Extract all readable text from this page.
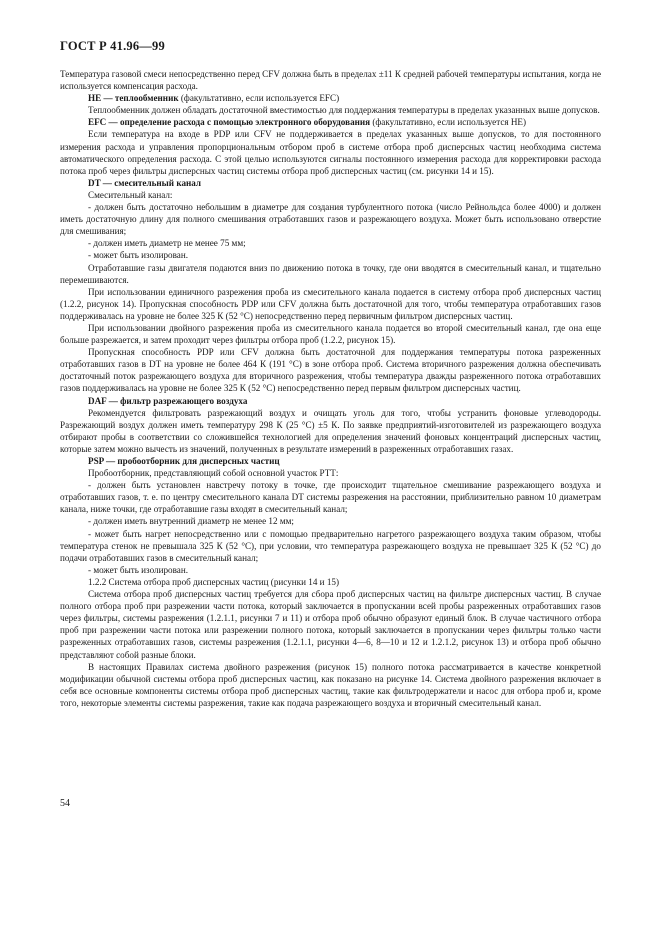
ГОСТ Р 41.96—99

Температура газовой смеси непосредственно перед CFV должна быть в пределах ±11 К средней рабочей температуры испытания, когда не используется компенсация расхода.

НЕ — теплообменник (факультативно, если используется EFC)

Теплообменник должен обладать достаточной вместимостью для поддержания температуры в пределах указанных выше допусков.

EFC — определение расхода с помощью электронного оборудования (факультативно, если используется НЕ)

Если температура на входе в PDP или CFV не поддерживается в пределах указанных выше допусков, то для постоянного измерения расхода и управления пропорциональным отбором проб в системе отбора проб дисперсных частиц необходима система автоматического определения расхода. С этой целью используются сигналы постоянного измерения расхода для корректировки расхода потока проб через фильтры дисперсных частиц системы отбора проб дисперсных частиц (см. рисунки 14 и 15).

DT — смесительный канал

Смесительный канал:

- должен быть достаточно небольшим в диаметре для создания турбулентного потока (число Рейнольдса более 4000) и должен иметь достаточную длину для полного смешивания отработавших газов и разрежающего воздуха. Может быть использовано отверстие для смешивания;

- должен иметь диаметр не менее 75 мм;

- может быть изолирован.

Отработавшие газы двигателя подаются вниз по движению потока в точку, где они вводятся в смесительный канал, и тщательно перемешиваются.

При использовании единичного разрежения проба из смесительного канала подается в систему отбора проб дисперсных частиц (1.2.2, рисунок 14). Пропускная способность PDP или CFV должна быть достаточной для того, чтобы температура отработавших газов поддерживалась на уровне не более 325 К (52 °С) непосредственно перед первичным фильтром дисперсных частиц.

При использовании двойного разрежения проба из смесительного канала подается во второй смесительный канал, где она еще больше разрежается, и затем проходит через фильтры отбора проб (1.2.2, рисунок 15).

Пропускная способность PDP или CFV должна быть достаточной для поддержания температуры потока разреженных отработавших газов в DT на уровне не более 464 К (191 °С) в зоне отбора проб. Система вторичного разрежения должна обеспечивать достаточный поток разрежающего воздуха для вторичного разрежения, чтобы температура дважды разреженного потока отработавших газов поддерживалась на уровне не более 325 К (52 °С) непосредственно перед первым фильтром дисперсных частиц.

DAF — фильтр разрежающего воздуха

Рекомендуется фильтровать разрежающий воздух и очищать уголь для того, чтобы устранить фоновые углеводороды. Разрежающий воздух должен иметь температуру 298 К (25 °С) ±5 К. По заявке предприятий-изготовителей из разрежающего воздуха отбирают пробы в соответствии со сложившейся технологией для определения значений фоновых концентраций дисперсных частиц, которые затем можно вычесть из значений, полученных в результате измерений в разреженных отработавших газах.

PSP — пробоотборник для дисперсных частиц

Пробоотборник, представляющий собой основной участок РТТ:

- должен быть установлен навстречу потоку в точке, где происходит тщательное смешивание разрежающего воздуха и отработавших газов, т. е. по центру смесительного канала DT системы разрежения на расстоянии, приблизительно равном 10 диаметрам канала, ниже точки, где отработавшие газы входят в смесительный канал;

- должен иметь внутренний диаметр не менее 12 мм;

- может быть нагрет непосредственно или с помощью предварительно нагретого разрежающего воздуха таким образом, чтобы температура стенок не превышала 325 К (52 °С), при условии, что температура разрежающего воздуха не превышает 325 К (52 °С) до подачи отработавших газов в смесительный канал;

- может быть изолирован.

1.2.2 Система отбора проб дисперсных частиц (рисунки 14 и 15)

Система отбора проб дисперсных частиц требуется для сбора проб дисперсных частиц на фильтре дисперсных частиц. В случае полного отбора проб при разрежении части потока, который заключается в пропускании всей пробы разреженных отработавших газов через фильтры, системы разрежения (1.2.1.1, рисунки 7 и 11) и отбора проб обычно образуют единый блок. В случае частичного отбора проб при разрежении части потока или разрежении полного потока, который заключается в пропускании через фильтры только части разреженных отработавших газов, системы разрежения (1.2.1.1, рисунки 4—6, 8—10 и 12 и 1.2.1.2, рисунок 13) и отбора проб обычно представляют собой разные блоки.

В настоящих Правилах система двойного разрежения (рисунок 15) полного потока рассматривается в качестве конкретной модификации обычной системы отбора проб дисперсных частиц, как показано на рисунке 14. Система двойного разрежения включает в себя все основные компоненты системы отбора проб дисперсных частиц, такие как фильтродержатели и насос для отбора проб и, кроме того, некоторые элементы системы разрежения, такие как подача разрежающего воздуха и вторичный смесительный канал.

54
